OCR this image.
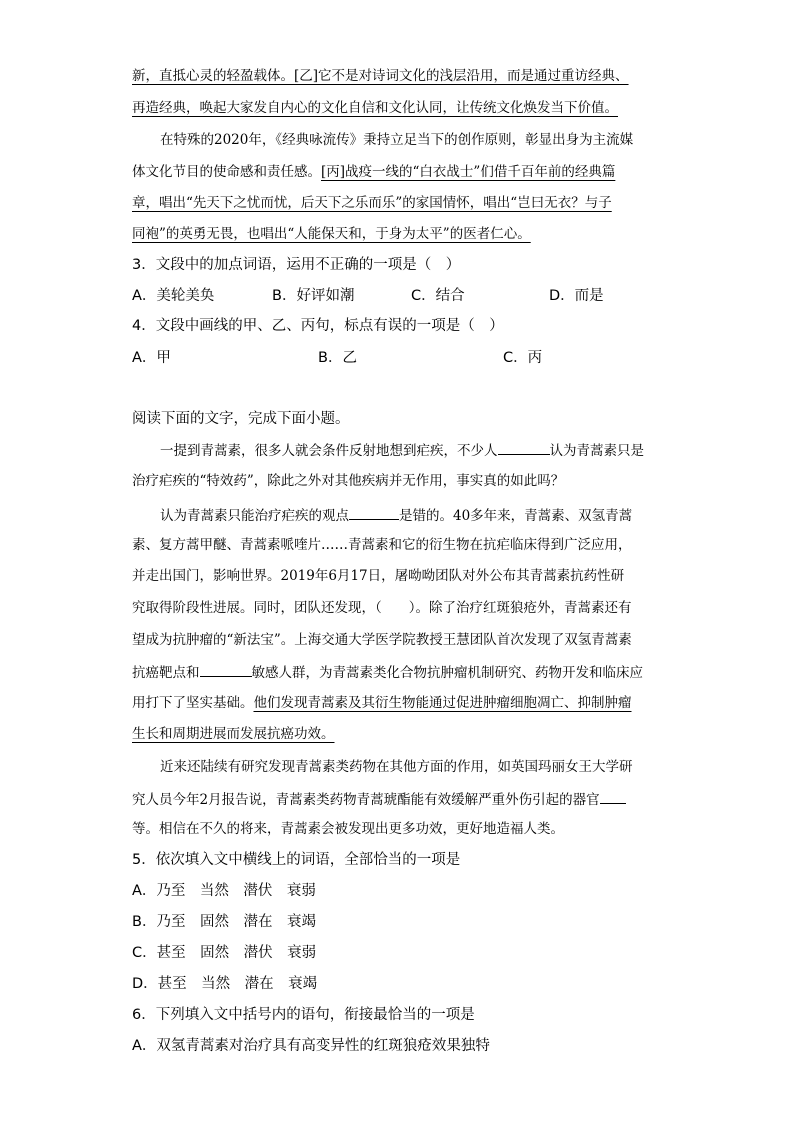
新，直抵心灵的轻盈载体。[乙]它不是对诗词文化的浅层沿用，而是通过重访经典、
再造经典，唤起大家发自内心的文化自信和文化认同，让传统文化焕发当下价值。
在特殊的2020年，《经典咏流传》秉持立足当下的创作原则，彰显出身为主流媒
体文化节目的使命感和责任感。[丙]战疫一线的“白衣战士”们借千百年前的经典篇
章，唱出“先天下之忧而忧，后天下之乐而乐”的家国情怀，唱出“岂曰无衣？与子
同袍”的英勇无畏，也唱出“人能保天和，于身为太平”的医者仁心。
3．文段中的加点词语，运用不正确的一项是（　）
A．美轮美奂	B．好评如潮	C．结合	D．而是
4．文段中画线的甲、乙、丙句，标点有误的一项是（　）
A．甲	B．乙	C．丙
阅读下面的文字，完成下面小题。
一提到青蒿素，很多人就会条件反射地想到疟疾，不少人	认为青蒿素只是
治疗疟疾的“特效药”，除此之外对其他疾病并无作用，事实真的如此吗？
认为青蒿素只能治疗疟疾的观点	是错的。40多年来，青蒿素、双氢青蒿
素、复方蒿甲醚、青蒿素哌喹片……青蒿素和它的衍生物在抗疟临床得到广泛应用，
并走出国门，影响世界。2019年6月17日，屠呦呦团队对外公布其青蒿素抗药性研
究取得阶段性进展。同时，团队还发现，（　　）。除了治疗红斑狼疮外，青蒿素还有
望成为抗肿瘤的“新法宝”。上海交通大学医学院教授王慧团队首次发现了双氢青蒿素
抗癌靶点和	敏感人群，为青蒿素类化合物抗肿瘤机制研究、药物开发和临床应
用打下了坚实基础。他们发现青蒿素及其衍生物能通过促进肿瘤细胞凋亡、抑制肿瘤
生长和周期进展而发展抗癌功效。
近来还陆续有研究发现青蒿素类药物在其他方面的作用，如英国玛丽女王大学研
究人员今年2月报告说，青蒿素类药物青蒿琥酯能有效缓解严重外伤引起的器官
等。相信在不久的将来，青蒿素会被发现出更多功效，更好地造福人类。
5．依次填入文中横线上的词语，全部恰当的一项是
A．乃至　当然　潜伏　衰弱
B．乃至　固然　潜在　衰竭
C．甚至　固然　潜伏　衰弱
D．甚至　当然　潜在　衰竭
6．下列填入文中括号内的语句，衔接最恰当的一项是
A．双氢青蒿素对治疗具有高变异性的红斑狼疮效果独特
